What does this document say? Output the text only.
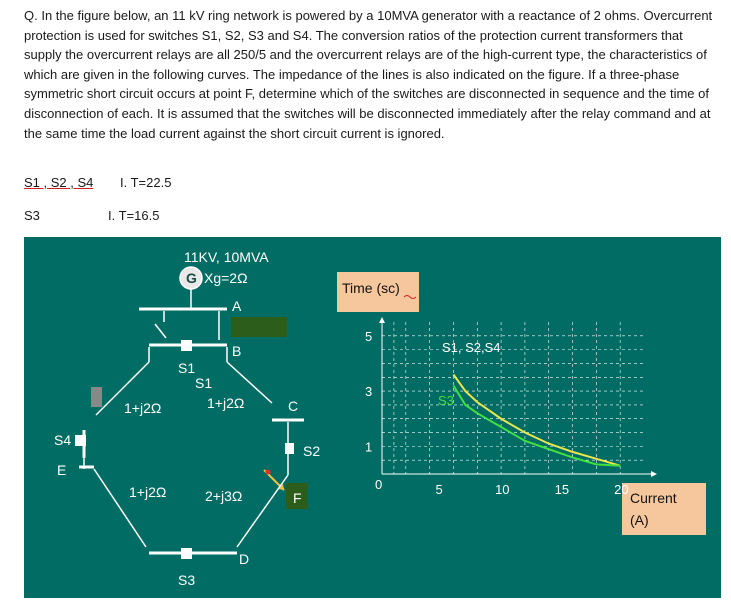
Q. In the figure below, an 11 kV ring network is powered by a 10MVA generator with a reactance of 2 ohms. Overcurrent protection is used for switches S1, S2, S3 and S4. The conversion ratios of the protection current transformers that supply the overcurrent relays are all 250/5 and the overcurrent relays are of the high-current type, the characteristics of which are given in the following curves. The impedance of the lines is also indicated on the figure. If a three-phase symmetric short circuit occurs at point F, determine which of the switches are disconnected in sequence and the time of disconnection of each. It is assumed that the switches will be disconnected immediately after the relay command and at the same time the load current against the short circuit current is ignored.

S1 , S2 , S4 I. T=22.5
S3	I. T=16.5
11KV, 10MVA
G Xg=2Ω
A
B
S1
S1
1+j2Ω	1+j2Ω	C
S4
E
S2
F
1+j2Ω	2+j3Ω
D
S3
Time (sc)
Current
(A)
5	10	15	20
0
1
3
5
S1, S2,S4
S3
